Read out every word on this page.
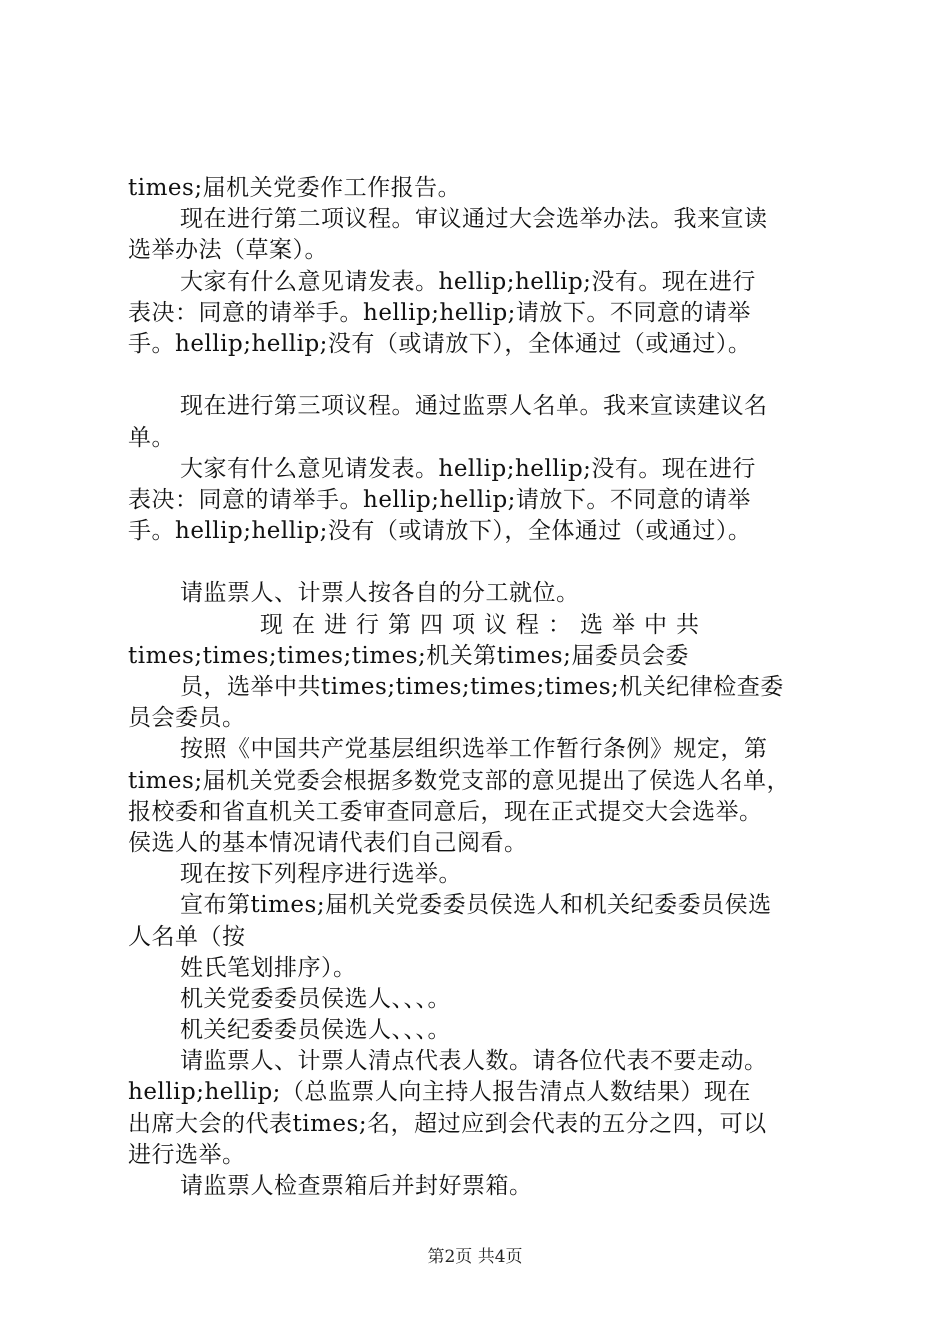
times;届机关党委作工作报告。
现在进行第二项议程。审议通过大会选举办法。我来宣读
选举办法（草案）。
大家有什么意见请发表。hellip;hellip;没有。现在进行
表决：同意的请举手。hellip;hellip;请放下。不同意的请举
手。hellip;hellip;没有（或请放下），全体通过（或通过）。
现在进行第三项议程。通过监票人名单。我来宣读建议名
单。
大家有什么意见请发表。hellip;hellip;没有。现在进行
表决：同意的请举手。hellip;hellip;请放下。不同意的请举
手。hellip;hellip;没有（或请放下），全体通过（或通过）。
请监票人、计票人按各自的分工就位。
现在进行第四项议程：选举中共
times;times;times;times;机关第times;届委员会委
员，选举中共times;times;times;times;机关纪律检查委
员会委员。
按照《中国共产党基层组织选举工作暂行条例》规定，第
times;届机关党委会根据多数党支部的意见提出了侯选人名单，
报校委和省直机关工委审查同意后，现在正式提交大会选举。
侯选人的基本情况请代表们自己阅看。
现在按下列程序进行选举。
宣布第times;届机关党委委员侯选人和机关纪委委员侯选
人名单（按
姓氏笔划排序）。
机关党委委员侯选人、、、。
机关纪委委员侯选人、、、。
请监票人、计票人清点代表人数。请各位代表不要走动。
hellip;hellip;（总监票人向主持人报告清点人数结果）现在
出席大会的代表times;名，超过应到会代表的五分之四，可以
进行选举。
请监票人检查票箱后并封好票箱。
第2页 共4页
